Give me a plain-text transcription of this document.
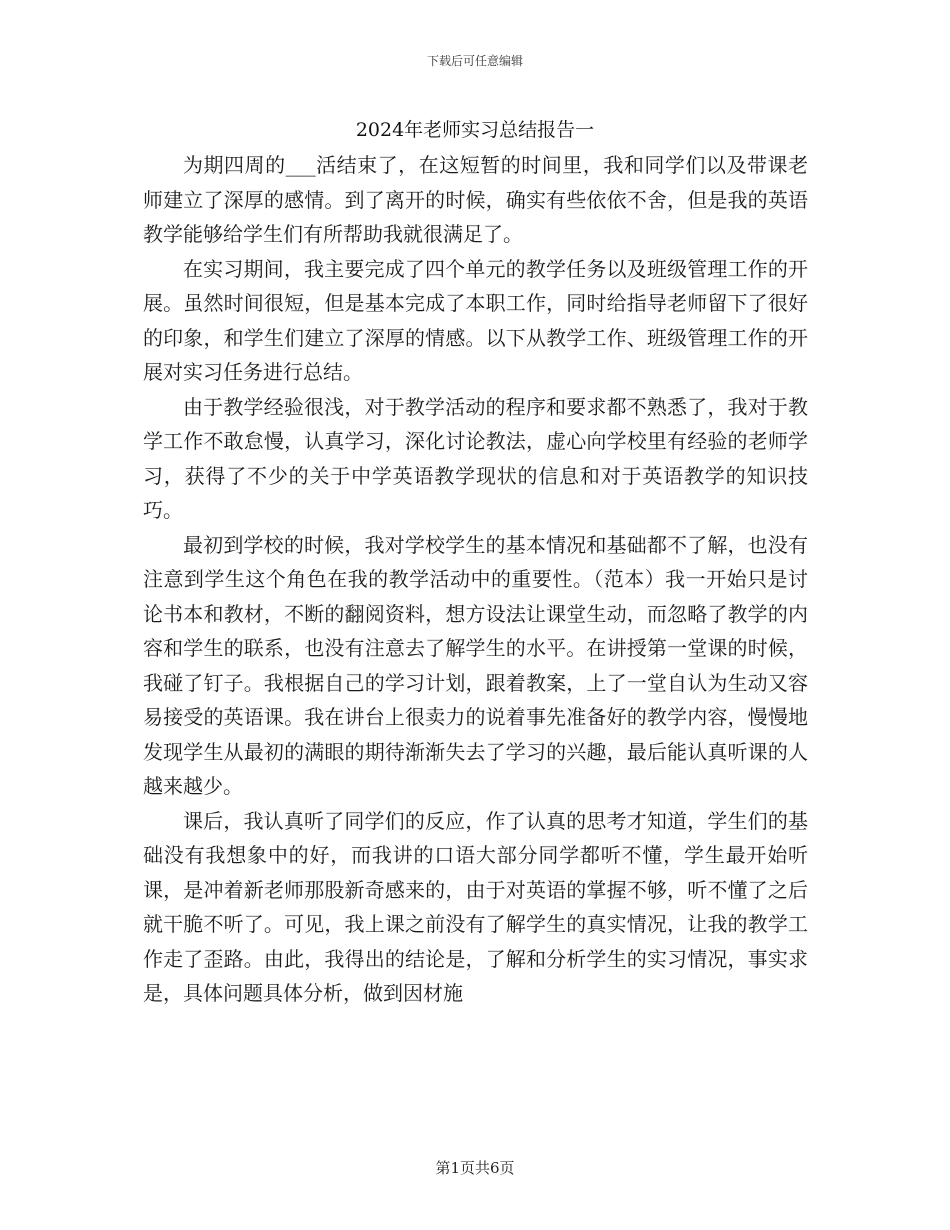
下载后可任意编辑
2024年老师实习总结报告一

为期四周的___活结束了，在这短暂的时间里，我和同学们以及带课老师建立了深厚的感情。到了离开的时候，确实有些依依不舍，但是我的英语教学能够给学生们有所帮助我就很满足了。

在实习期间，我主要完成了四个单元的教学任务以及班级管理工作的开展。虽然时间很短，但是基本完成了本职工作，同时给指导老师留下了很好的印象，和学生们建立了深厚的情感。以下从教学工作、班级管理工作的开展对实习任务进行总结。

由于教学经验很浅，对于教学活动的程序和要求都不熟悉了，我对于教学工作不敢怠慢，认真学习，深化讨论教法，虚心向学校里有经验的老师学习，获得了不少的关于中学英语教学现状的信息和对于英语教学的知识技巧。

最初到学校的时候，我对学校学生的基本情况和基础都不了解，也没有注意到学生这个角色在我的教学活动中的重要性。（范本）我一开始只是讨论书本和教材，不断的翻阅资料，想方设法让课堂生动，而忽略了教学的内容和学生的联系，也没有注意去了解学生的水平。在讲授第一堂课的时候，我碰了钉子。我根据自己的学习计划，跟着教案，上了一堂自认为生动又容易接受的英语课。我在讲台上很卖力的说着事先准备好的教学内容，慢慢地发现学生从最初的满眼的期待渐渐失去了学习的兴趣，最后能认真听课的人越来越少。

课后，我认真听了同学们的反应，作了认真的思考才知道，学生们的基础没有我想象中的好，而我讲的口语大部分同学都听不懂，学生最开始听课，是冲着新老师那股新奇感来的，由于对英语的掌握不够，听不懂了之后就干脆不听了。可见，我上课之前没有了解学生的真实情况，让我的教学工作走了歪路。由此，我得出的结论是，了解和分析学生的实习情况，事实求是，具体问题具体分析，做到因材施

第1页共6页
